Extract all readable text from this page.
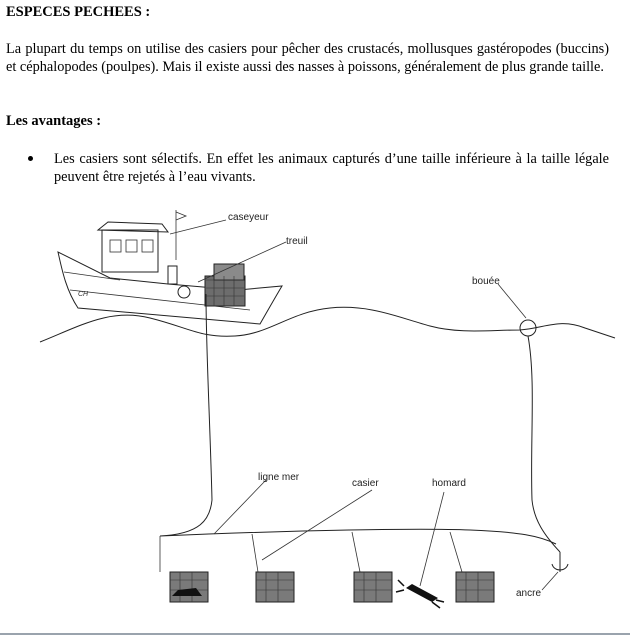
ESPECES PECHEES :

La plupart du temps on utilise des casiers pour pêcher des crustacés, mollusques gastéropodes (buccins) et céphalopodes (poulpes). Mais il existe aussi des nasses à poissons, généralement de plus grande taille.

Les avantages :

Les casiers sont sélectifs. En effet les animaux capturés d’une taille inférieure à la taille légale peuvent être rejetés à l’eau vivants.

CH
caseyeur
treuil
bouée
ligne mer
casier	homard
ancre
